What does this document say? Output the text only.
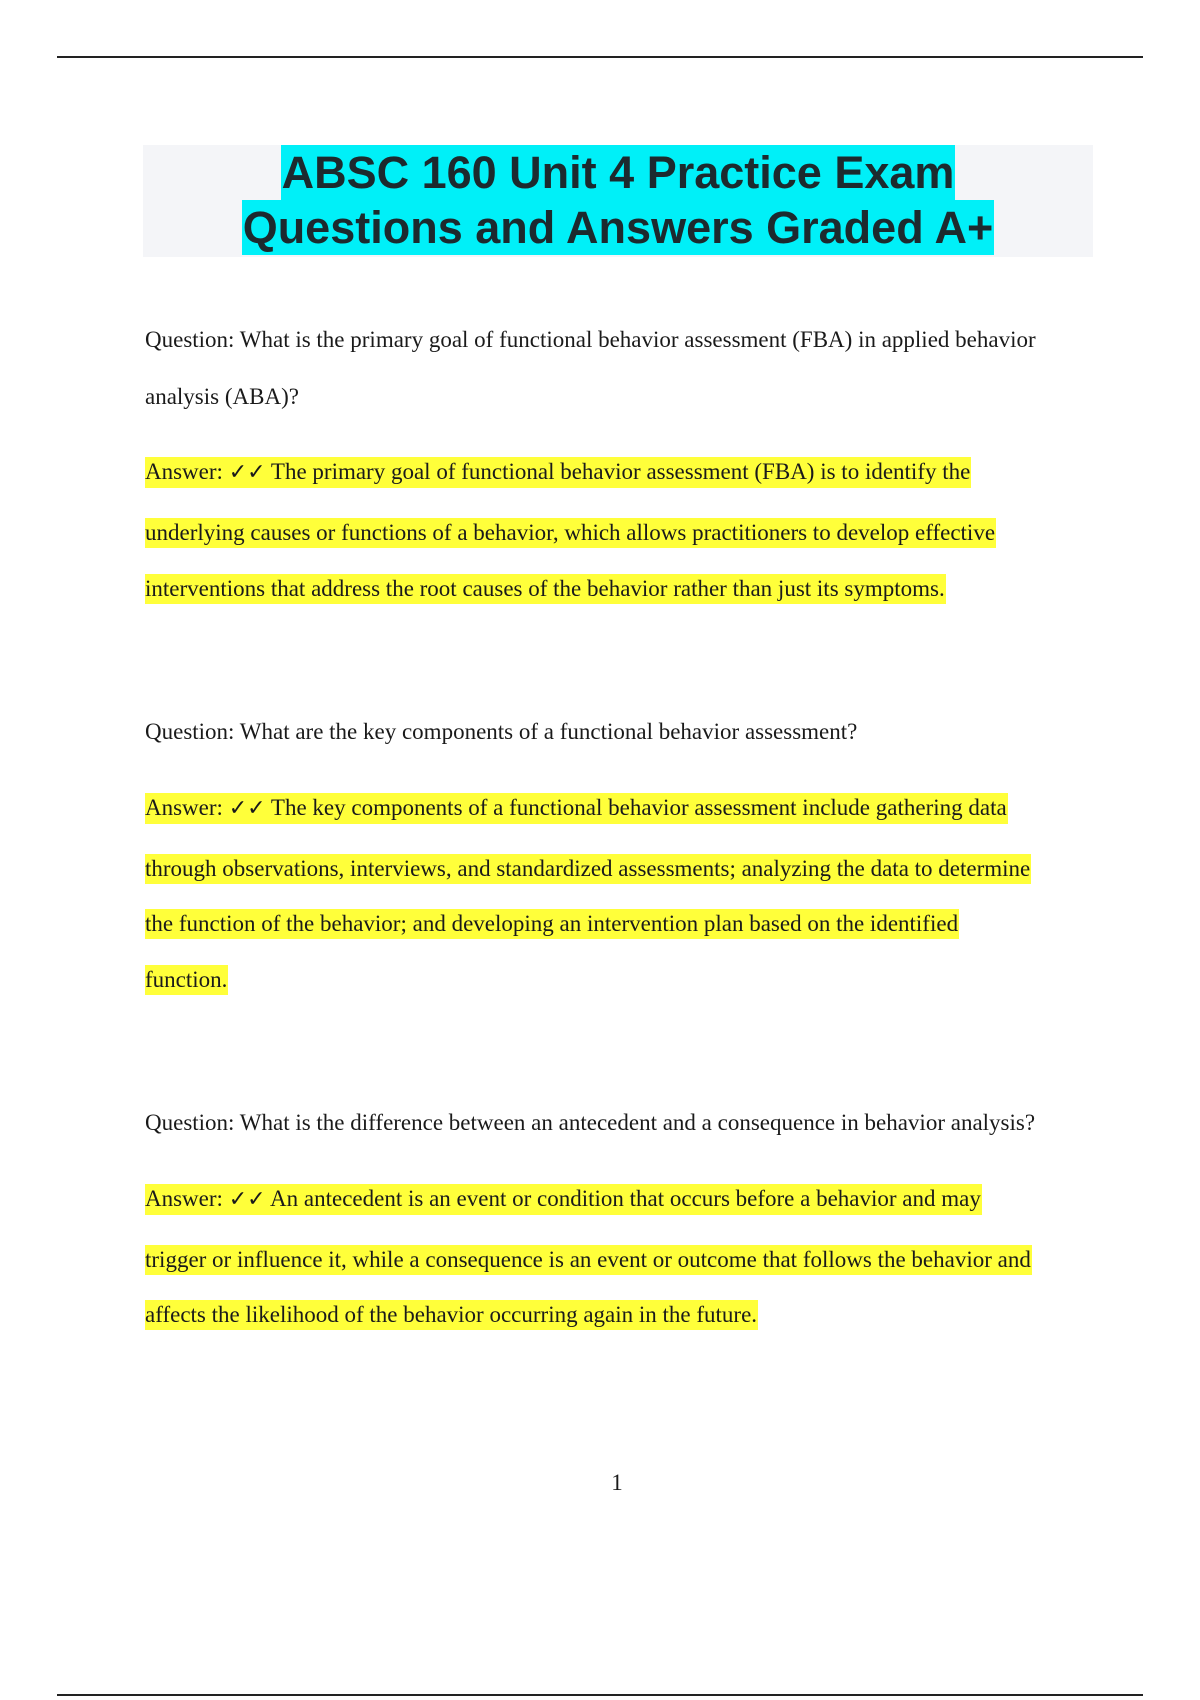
ABSC 160 Unit 4 Practice Exam
Questions and Answers Graded A+
Question: What is the primary goal of functional behavior assessment (FBA) in applied behavior
analysis (ABA)?
Answer: ✓✓ The primary goal of functional behavior assessment (FBA) is to identify the
underlying causes or functions of a behavior, which allows practitioners to develop effective
interventions that address the root causes of the behavior rather than just its symptoms.
Question: What are the key components of a functional behavior assessment?
Answer: ✓✓ The key components of a functional behavior assessment include gathering data
through observations, interviews, and standardized assessments; analyzing the data to determine
the function of the behavior; and developing an intervention plan based on the identified
function.
Question: What is the difference between an antecedent and a consequence in behavior analysis?
Answer: ✓✓ An antecedent is an event or condition that occurs before a behavior and may
trigger or influence it, while a consequence is an event or outcome that follows the behavior and
affects the likelihood of the behavior occurring again in the future.
1
